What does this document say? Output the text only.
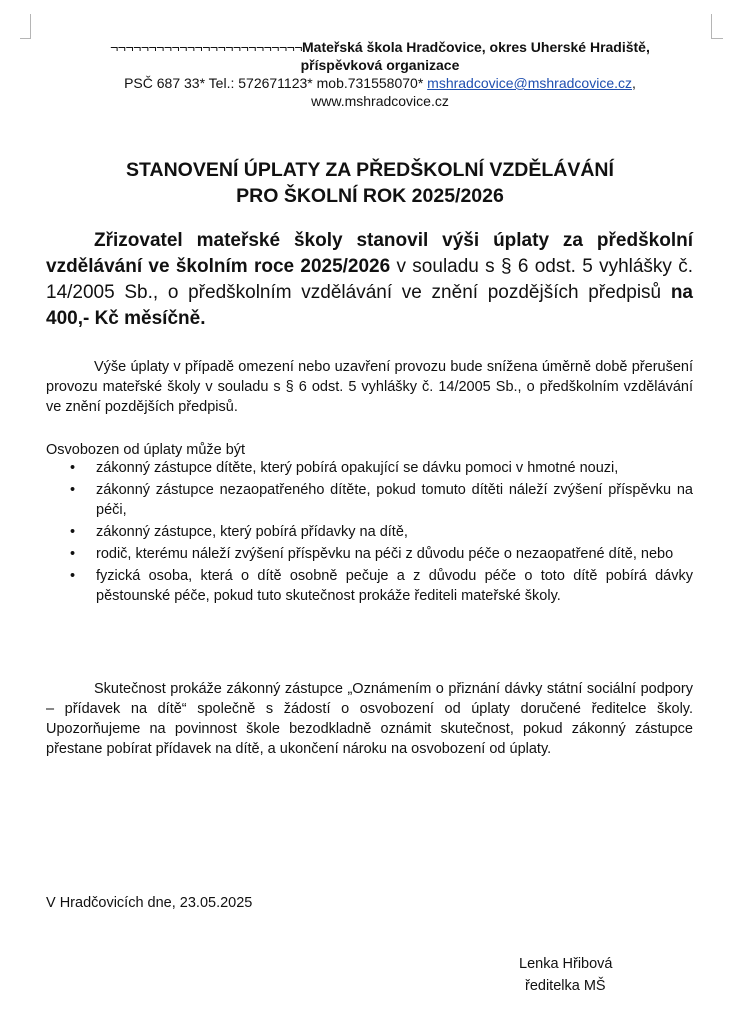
¬¬¬¬¬¬¬¬¬¬¬¬¬¬¬¬¬¬¬¬¬¬¬¬¬Mateřská škola Hradčovice, okres Uherské Hradiště,
příspěvková organizace
PSČ 687 33* Tel.: 572671123* mob.731558070* mshradcovice@mshradcovice.cz,
www.mshradcovice.cz
STANOVENÍ ÚPLATY ZA PŘEDŠKOLNÍ VZDĚLÁVÁNÍ
PRO ŠKOLNÍ ROK 2025/2026
Zřizovatel mateřské školy stanovil výši úplaty za předškolní vzdělávání ve školním roce 2025/2026 v souladu s § 6 odst. 5 vyhlášky č. 14/2005 Sb., o předškolním vzdělávání ve znění pozdějších předpisů na 400,- Kč měsíčně.
Výše úplaty v případě omezení nebo uzavření provozu bude snížena úměrně době přerušení provozu mateřské školy v souladu s § 6 odst. 5 vyhlášky č. 14/2005 Sb., o předškolním vzdělávání ve znění pozdějších předpisů.
Osvobozen od úplaty může být
• zákonný zástupce dítěte, který pobírá opakující se dávku pomoci v hmotné nouzi,
• zákonný zástupce nezaopatřeného dítěte, pokud tomuto dítěti náleží zvýšení příspěvku na péči,
• zákonný zástupce, který pobírá přídavky na dítě,
• rodič, kterému náleží zvýšení příspěvku na péči z důvodu péče o nezaopatřené dítě, nebo
• fyzická osoba, která o dítě osobně pečuje a z důvodu péče o toto dítě pobírá dávky pěstounské péče, pokud tuto skutečnost prokáže řediteli mateřské školy.
Skutečnost prokáže zákonný zástupce „Oznámením o přiznání dávky státní sociální podpory – přídavek na dítě“ společně s žádostí o osvobození od úplaty doručené ředitelce školy. Upozorňujeme na povinnost škole bezodkladně oznámit skutečnost, pokud zákonný zástupce přestane pobírat přídavek na dítě, a ukončení nároku na osvobození od úplaty.
V Hradčovicích dne, 23.05.2025
Lenka Hřibová
ředitelka MŠ
